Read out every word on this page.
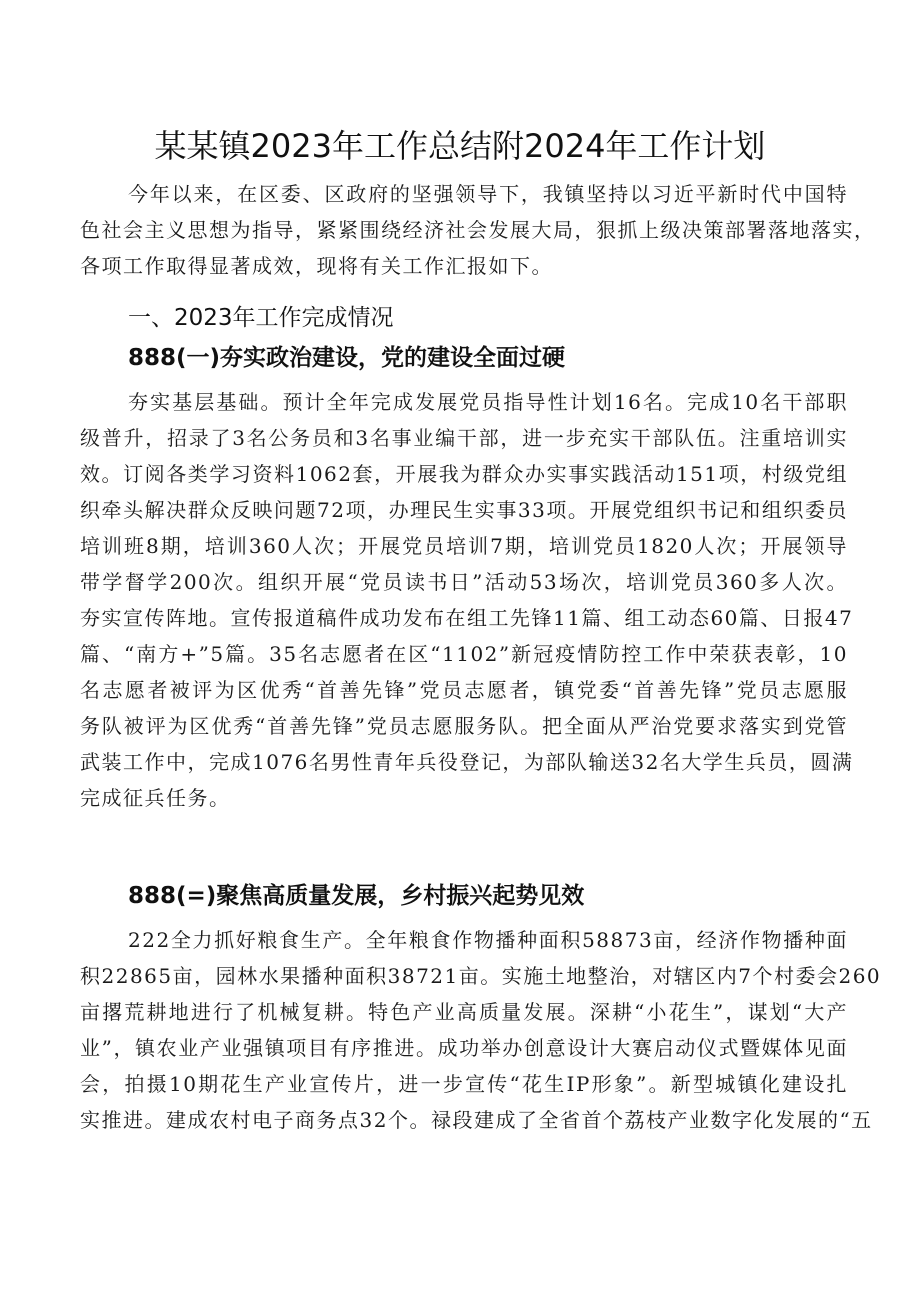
某某镇2023年工作总结附2024年工作计划
今年以来，在区委、区政府的坚强领导下，我镇坚持以习近平新时代中国特
色社会主义思想为指导，紧紧围绕经济社会发展大局，狠抓上级决策部署落地落实，
各项工作取得显著成效，现将有关工作汇报如下。
一、2023年工作完成情况
888(一)夯实政治建设，党的建设全面过硬
夯实基层基础。预计全年完成发展党员指导性计划16名。完成10名干部职
级普升，招录了3名公务员和3名事业编干部，进一步充实干部队伍。注重培训实
效。订阅各类学习资料1062套，开展我为群众办实事实践活动151项，村级党组
织牵头解决群众反映问题72项，办理民生实事33项。开展党组织书记和组织委员
培训班8期，培训360人次；开展党员培训7期，培训党员1820人次；开展领导
带学督学200次。组织开展“党员读书日”活动53场次，培训党员360多人次。
夯实宣传阵地。宣传报道稿件成功发布在组工先锋11篇、组工动态60篇、日报47
篇、“南方+”5篇。35名志愿者在区“1102”新冠疫情防控工作中荣获表彰，10
名志愿者被评为区优秀“首善先锋”党员志愿者，镇党委“首善先锋”党员志愿服
务队被评为区优秀“首善先锋”党员志愿服务队。把全面从严治党要求落实到党管
武装工作中，完成1076名男性青年兵役登记，为部队输送32名大学生兵员，圆满
完成征兵任务。
888(=)聚焦高质量发展，乡村振兴起势见效
222全力抓好粮食生产。全年粮食作物播种面积58873亩，经济作物播种面
积22865亩，园林水果播种面积38721亩。实施土地整治，对辖区内7个村委会260
亩撂荒耕地进行了机械复耕。特色产业高质量发展。深耕“小花生”，谋划“大产
业”，镇农业产业强镇项目有序推进。成功举办创意设计大赛启动仪式暨媒体见面
会，拍摄10期花生产业宣传片，进一步宣传“花生IP形象”。新型城镇化建设扎
实推进。建成农村电子商务点32个。禄段建成了全省首个荔枝产业数字化发展的“五
